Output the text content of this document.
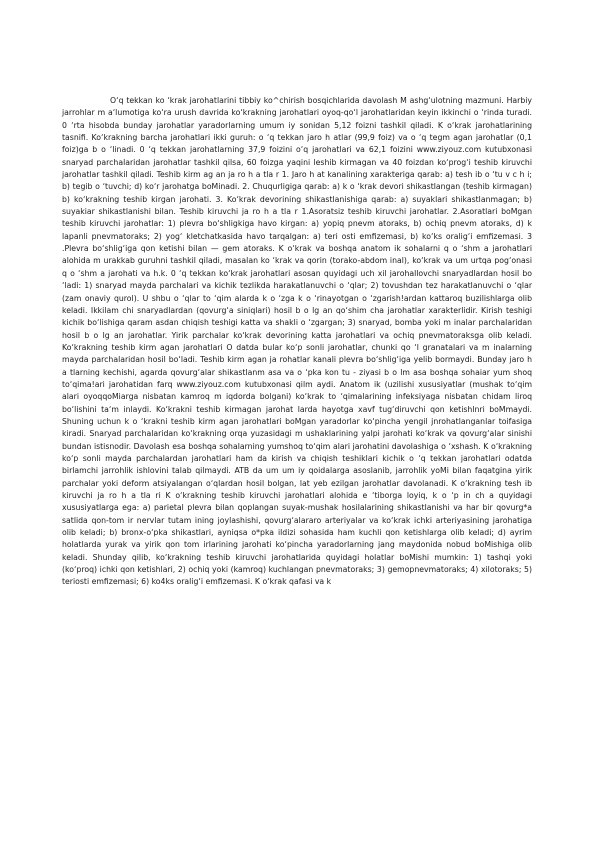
O‘q tekkan ko ‘krak jarohatlarini tibbiy ko^chirish bosqichlarida davolash M ashg‘ulotning mazmuni. Harbiy jarrohlar m a‘lumotiga ko‘ra urush davrida ko‘krakning jarohatlari oyoq-qo‘l jarohatlaridan keyin ikkinchi o ‘rinda turadi. 0 ‘rta hisobda bunday jarohatlar yaradorlarning umum iy sonidan 5,12 foizni tashkil qiladi. K o‘krak jarohatlarining tasnifi. Ko‘krakning barcha jarohatlari ikki guruh: o ‘q tekkan jaro h atlar (99,9 foiz) va o ‘q tegm agan jarohatlar (0,1 foiz)ga b o ‘linadi. 0 ‘q tekkan jarohatlarning 37,9 foizini o‘q jarohatlari va 62,1 foizini www.ziyouz.com kutubxonasi snaryad parchalaridan jarohatlar tashkil qilsa, 60 foizga yaqini leshib kirmagan va 40 foizdan ko‘prog‘i teshib kiruvchi jarohatlar tashkil qiladi. Teshib kirm ag an ja ro h a tla r 1. Jaro h at kanalining xarakteriga qarab: a) tesh ib o ‘tu v c h i; b) tegib o ‘tuvchi; d) ko‘r jarohatga boMinadi. 2. Chuqurligiga qarab: a) k o ‘krak devori shikastlangan (teshib kirmagan) b) ko‘krakning teshib kirgan jarohati. 3. Ko‘krak devorining shikastlanishiga qarab: a) suyaklari shikastlanmagan; b) suyakiar shikastlanishi bilan. Teshib kiruvchi ja ro h a tla r 1.Asoratsiz teshib kiruvchi jarohatlar. 2.Asoratlari boMgan teshib kiruvchi jarohatlar: 1) plevra bo‘shligkiga havo kirgan: a) yopiq pnevm atoraks, b) ochiq pnevm atoraks, d) k lapanli pnevmatoraks; 2) yog‘ kletchatkasida havo tarqalgan: a) teri osti emfizemasi, b) ko‘ks oralig‘i emfizemasi. 3 .Plevra bo‘shlig‘iga qon ketishi bilan — gem atoraks. K o‘krak va boshqa anatom ik sohalarni q o ‘shm a jarohatlari alohida m urakkab guruhni tashkil qiladi, masalan ko ‘krak va qorin (torako-abdom inal), ko‘krak va um urtqa pog‘onasi q o ‘shm a jarohati va h.k. 0 ‘q tekkan ko‘krak jarohatlari asosan quyidagi uch xil jarohallovchi snaryadlardan hosil bo ‘ladi: 1) snaryad mayda parchalari va kichik tezlikda harakatlanuvchi o ‘qlar; 2) tovushdan tez harakatlanuvchi o ‘qlar (zam onaviy qurol). U shbu o ‘qlar to ‘qim alarda k o ‘zga k o ‘rinayotgan o ‘zgarish!ardan kattaroq buzilishlarga olib keladi. Ikkilam chi snaryadlardan (qovurg‘a siniqlari) hosil b o lg an qo‘shim cha jarohatlar xarakterlidir. Kirish teshigi kichik bo‘lishiga qaram asdan chiqish teshigi katta va shakli o ‘zgargan; 3) snaryad, bomba yoki m inalar parchalaridan hosil b o lg an jarohatlar. Yirik parchalar ko‘krak devorining katta jarohatlari va ochiq pnevmatoraksga olib keladi. Ko‘krakning teshib kirm agan jarohatlari O datda bular ko‘p sonli jarohatlar, chunki qo ‘l granatalari va m inalarning mayda parchalaridan hosil bo‘ladi. Teshib kirm agan ja rohatlar kanali plevra bo‘shlig‘iga yelib bormaydi. Bunday jaro h a tlarning kechishi, agarda qovurg‘alar shikastlanm asa va o ‘pka kon tu - ziyasi b o lm asa boshqa sohaiar yum shoq to‘qima!ari jarohatidan farq www.ziyouz.com kutubxonasi qilm aydi. Anatom ik (uzilishi xususiyatlar (mushak to‘qim alari oyoqqoMiarga nisbatan kamroq m iqdorda bolgani) ko‘krak to ‘qimalarining infeksiyaga nisbatan chidam liroq bo‘lishini ta‘m inlaydi. Ko‘krakni teshib kirmagan jarohat larda hayotga xavf tug‘diruvchi qon ketishlnri boMmaydi. Shuning uchun k o ‘krakni teshib kirm agan jarohatlari boMgan yaradorlar ko‘pincha yengil jnrohatlanganlar toifasiga kiradi. Snaryad parchalaridan ko‘krakning orqa yuzasidagi m ushaklarining yalpi jarohati ko‘krak va qovurg‘alar sinishi bundan istisnodir. Davolash esa boshqa sohalarning yumshoq to‘qim alari jarohatini davolashiga o ‘xshash. K o‘krakning ko‘p sonli mayda parchalardan jarohatlari ham da kirish va chiqish teshiklari kichik o ‘q tekkan jarohatlari odatda birlamchi jarrohlik ishlovini talab qilmaydi. ATB da um um iy qoidalarga asoslanib, jarrohlik yoMi bilan faqatgina yirik parchalar yoki deform atsiyalangan o‘qlardan hosil bolgan, lat yeb ezilgan jarohatlar davolanadi. K o‘krakning tesh ib kiruvchi ja ro h a tla ri K o‘krakning teshib kiruvchi jarohatlari alohida e ‘tiborga loyiq, k o ‘p in ch a quyidagi xususiyatlarga ega: a) parietal plevra bilan qoplangan suyak-mushak hosilalarining shikastlanishi va har bir qovurg*a satlida qon-tom ir nervlar tutam ining joylashishi, qovurg‘alararo arteriyalar va ko‘krak ichki arteriyasining jarohatiga olib keladi; b) bronx-o‘pka shikastlari, ayniqsa o*pka ildizi sohasida ham kuchli qon ketishlarga olib keladi; d) ayrim holatlarda yurak va yirik qon tom irlarining jarohati ko‘pincha yaradorlarning jang maydonida nobud boMishiga olib keladi. Shunday qilib, ko‘krakning teshib kiruvchi jarohatlarida quyidagi holatlar boMishi mumkin: 1) tashqi yoki (ko‘proq) ichki qon ketishlari, 2) ochiq yoki (kamroq) kuchlangan pnevmatoraks; 3) gemopnevmatoraks; 4) xilotoraks; 5) teriosti emfizemasi; 6) ko4ks oralig‘i emfizemasi. K o‘krak qafasi va k
